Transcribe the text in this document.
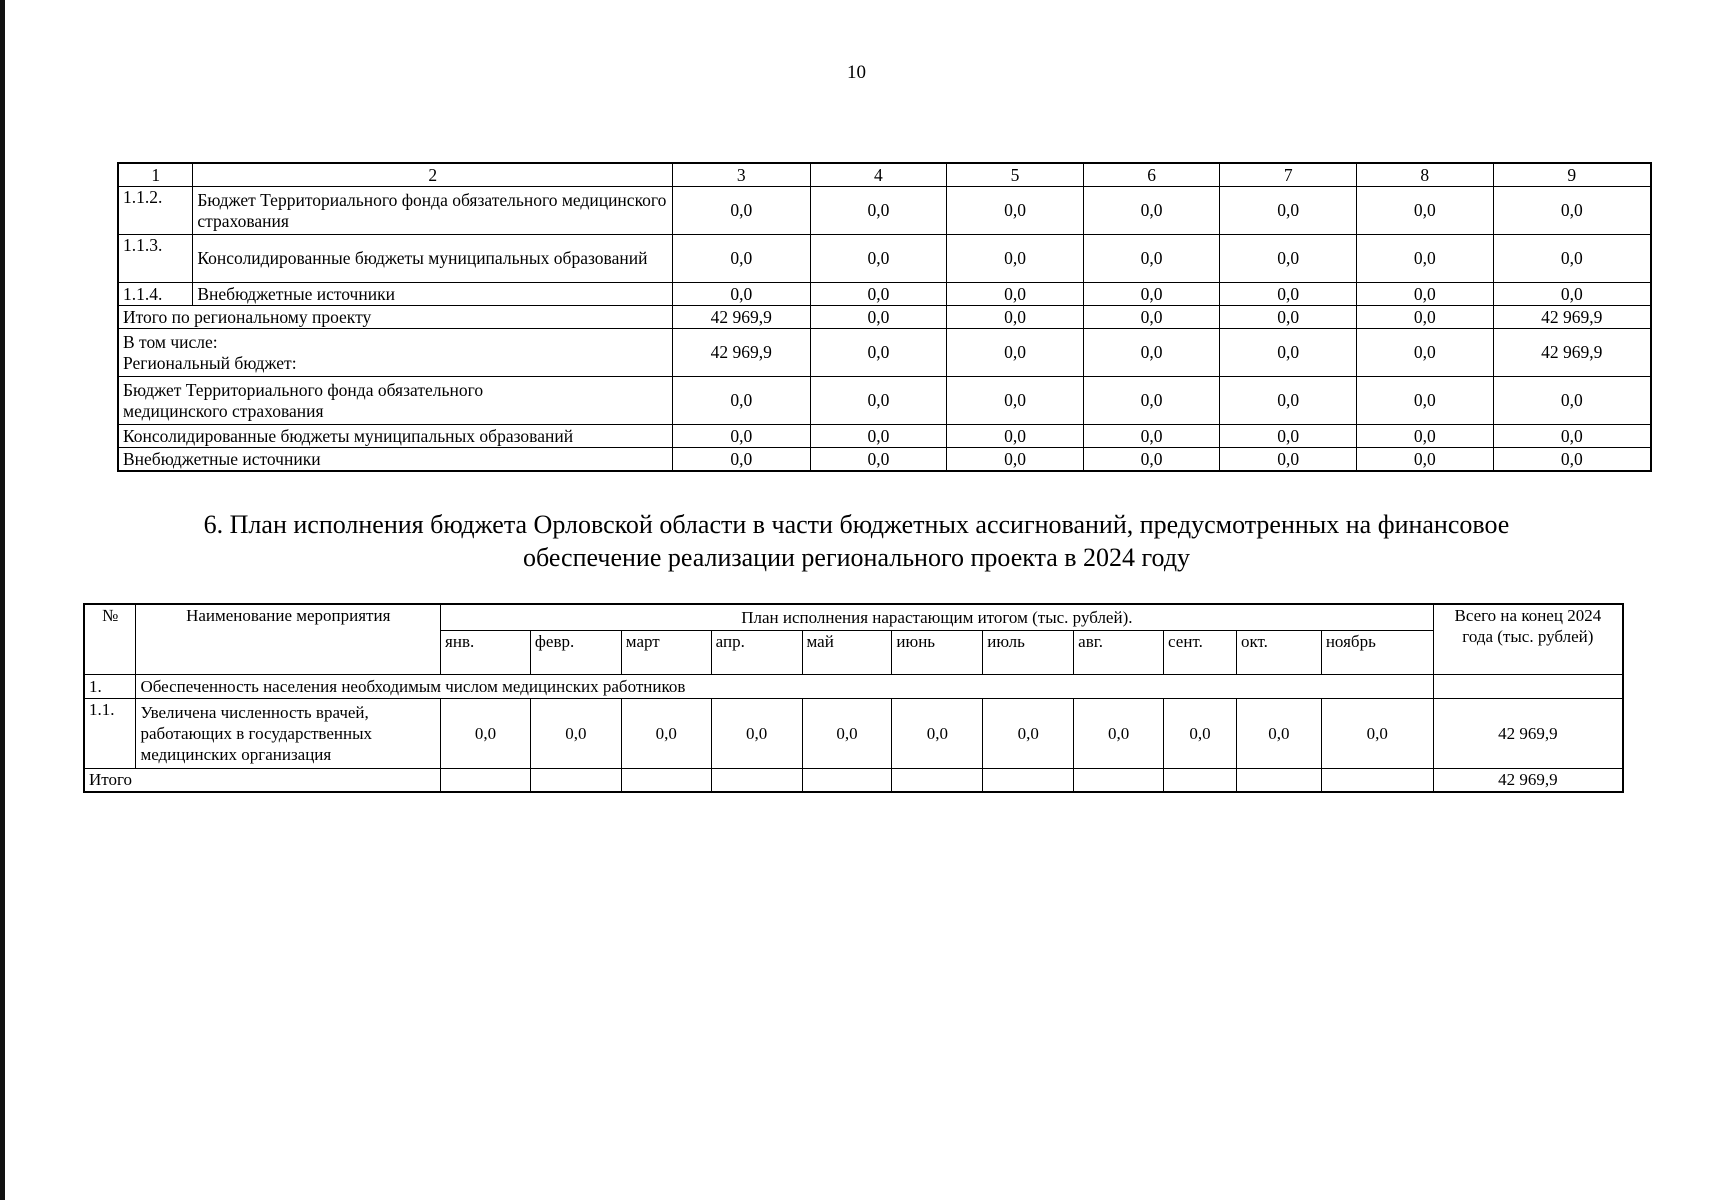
10
1	2	3	4	5	6	7	8	9
1.1.2.	Бюджет Территориального фонда обязательного медицинского страхования	0,0	0,0	0,0	0,0	0,0	0,0	0,0
1.1.3.	Консолидированные бюджеты муниципальных образований	0,0	0,0	0,0	0,0	0,0	0,0	0,0
1.1.4.	Внебюджетные источники	0,0	0,0	0,0	0,0	0,0	0,0	0,0
Итого по региональному проекту		42 969,9	0,0	0,0	0,0	0,0	0,0	42 969,9

В том числе:
Региональный бюджет:		42 969,9	0,0	0,0	0,0	0,0	0,0	42 969,9
Бюджет Территориального фонда обязательного медицинского страхования		0,0	0,0	0,0	0,0	0,0	0,0	0,0
Консолидированные бюджеты муниципальных образований		0,0	0,0	0,0	0,0	0,0	0,0	0,0
Внебюджетные источники		0,0	0,0	0,0	0,0	0,0	0,0	0,0
6. План исполнения бюджета Орловской области в части бюджетных ассигнований, предусмотренных на финансовое
обеспечение реализации регионального проекта в 2024 году
№	Наименование мероприятия	План исполнения нарастающим итогом (тыс. рублей).											Всего на конец 2024 года (тыс. рублей)
		янв.	февр.	март	апр.	май	июнь	июль	авг.	сент.	окт.	ноябрь	
1.	Обеспеченность населения необходимым числом медицинских работников												
1.1.	Увеличена численность врачей, работающих в государственных медицинских организация	0,0	0,0	0,0	0,0	0,0	0,0	0,0	0,0	0,0	0,0	0,0	42 969,9
Итого													42 969,9
